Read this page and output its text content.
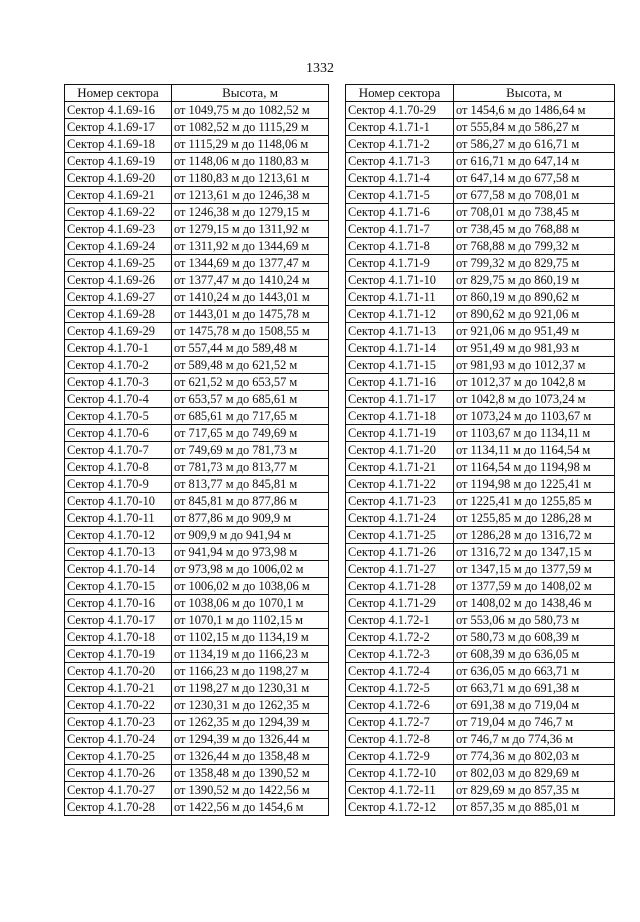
1332
Номер сектора	Высота, м
Сектор 4.1.69-16	от 1049,75 м до 1082,52 м
Сектор 4.1.69-17	от 1082,52 м до 1115,29 м
Сектор 4.1.69-18	от 1115,29 м до 1148,06 м
Сектор 4.1.69-19	от 1148,06 м до 1180,83 м
Сектор 4.1.69-20	от 1180,83 м до 1213,61 м
Сектор 4.1.69-21	от 1213,61 м до 1246,38 м
Сектор 4.1.69-22	от 1246,38 м до 1279,15 м
Сектор 4.1.69-23	от 1279,15 м до 1311,92 м
Сектор 4.1.69-24	от 1311,92 м до 1344,69 м
Сектор 4.1.69-25	от 1344,69 м до 1377,47 м
Сектор 4.1.69-26	от 1377,47 м до 1410,24 м
Сектор 4.1.69-27	от 1410,24 м до 1443,01 м
Сектор 4.1.69-28	от 1443,01 м до 1475,78 м
Сектор 4.1.69-29	от 1475,78 м до 1508,55 м
Сектор 4.1.70-1	от 557,44 м до 589,48 м
Сектор 4.1.70-2	от 589,48 м до 621,52 м
Сектор 4.1.70-3	от 621,52 м до 653,57 м
Сектор 4.1.70-4	от 653,57 м до 685,61 м
Сектор 4.1.70-5	от 685,61 м до 717,65 м
Сектор 4.1.70-6	от 717,65 м до 749,69 м
Сектор 4.1.70-7	от 749,69 м до 781,73 м
Сектор 4.1.70-8	от 781,73 м до 813,77 м
Сектор 4.1.70-9	от 813,77 м до 845,81 м
Сектор 4.1.70-10	от 845,81 м до 877,86 м
Сектор 4.1.70-11	от 877,86 м до 909,9 м
Сектор 4.1.70-12	от 909,9 м до 941,94 м
Сектор 4.1.70-13	от 941,94 м до 973,98 м
Сектор 4.1.70-14	от 973,98 м до 1006,02 м
Сектор 4.1.70-15	от 1006,02 м до 1038,06 м
Сектор 4.1.70-16	от 1038,06 м до 1070,1 м
Сектор 4.1.70-17	от 1070,1 м до 1102,15 м
Сектор 4.1.70-18	от 1102,15 м до 1134,19 м
Сектор 4.1.70-19	от 1134,19 м до 1166,23 м
Сектор 4.1.70-20	от 1166,23 м до 1198,27 м
Сектор 4.1.70-21	от 1198,27 м до 1230,31 м
Сектор 4.1.70-22	от 1230,31 м до 1262,35 м
Сектор 4.1.70-23	от 1262,35 м до 1294,39 м
Сектор 4.1.70-24	от 1294,39 м до 1326,44 м
Сектор 4.1.70-25	от 1326,44 м до 1358,48 м
Сектор 4.1.70-26	от 1358,48 м до 1390,52 м
Сектор 4.1.70-27	от 1390,52 м до 1422,56 м
Сектор 4.1.70-28	от 1422,56 м до 1454,6 м
Номер сектора	Высота, м
Сектор 4.1.70-29	от 1454,6 м до 1486,64 м
Сектор 4.1.71-1	от 555,84 м до 586,27 м
Сектор 4.1.71-2	от 586,27 м до 616,71 м
Сектор 4.1.71-3	от 616,71 м до 647,14 м
Сектор 4.1.71-4	от 647,14 м до 677,58 м
Сектор 4.1.71-5	от 677,58 м до 708,01 м
Сектор 4.1.71-6	от 708,01 м до 738,45 м
Сектор 4.1.71-7	от 738,45 м до 768,88 м
Сектор 4.1.71-8	от 768,88 м до 799,32 м
Сектор 4.1.71-9	от 799,32 м до 829,75 м
Сектор 4.1.71-10	от 829,75 м до 860,19 м
Сектор 4.1.71-11	от 860,19 м до 890,62 м
Сектор 4.1.71-12	от 890,62 м до 921,06 м
Сектор 4.1.71-13	от 921,06 м до 951,49 м
Сектор 4.1.71-14	от 951,49 м до 981,93 м
Сектор 4.1.71-15	от 981,93 м до 1012,37 м
Сектор 4.1.71-16	от 1012,37 м до 1042,8 м
Сектор 4.1.71-17	от 1042,8 м до 1073,24 м
Сектор 4.1.71-18	от 1073,24 м до 1103,67 м
Сектор 4.1.71-19	от 1103,67 м до 1134,11 м
Сектор 4.1.71-20	от 1134,11 м до 1164,54 м
Сектор 4.1.71-21	от 1164,54 м до 1194,98 м
Сектор 4.1.71-22	от 1194,98 м до 1225,41 м
Сектор 4.1.71-23	от 1225,41 м до 1255,85 м
Сектор 4.1.71-24	от 1255,85 м до 1286,28 м
Сектор 4.1.71-25	от 1286,28 м до 1316,72 м
Сектор 4.1.71-26	от 1316,72 м до 1347,15 м
Сектор 4.1.71-27	от 1347,15 м до 1377,59 м
Сектор 4.1.71-28	от 1377,59 м до 1408,02 м
Сектор 4.1.71-29	от 1408,02 м до 1438,46 м
Сектор 4.1.72-1	от 553,06 м до 580,73 м
Сектор 4.1.72-2	от 580,73 м до 608,39 м
Сектор 4.1.72-3	от 608,39 м до 636,05 м
Сектор 4.1.72-4	от 636,05 м до 663,71 м
Сектор 4.1.72-5	от 663,71 м до 691,38 м
Сектор 4.1.72-6	от 691,38 м до 719,04 м
Сектор 4.1.72-7	от 719,04 м до 746,7 м
Сектор 4.1.72-8	от 746,7 м до 774,36 м
Сектор 4.1.72-9	от 774,36 м до 802,03 м
Сектор 4.1.72-10	от 802,03 м до 829,69 м
Сектор 4.1.72-11	от 829,69 м до 857,35 м
Сектор 4.1.72-12	от 857,35 м до 885,01 м
